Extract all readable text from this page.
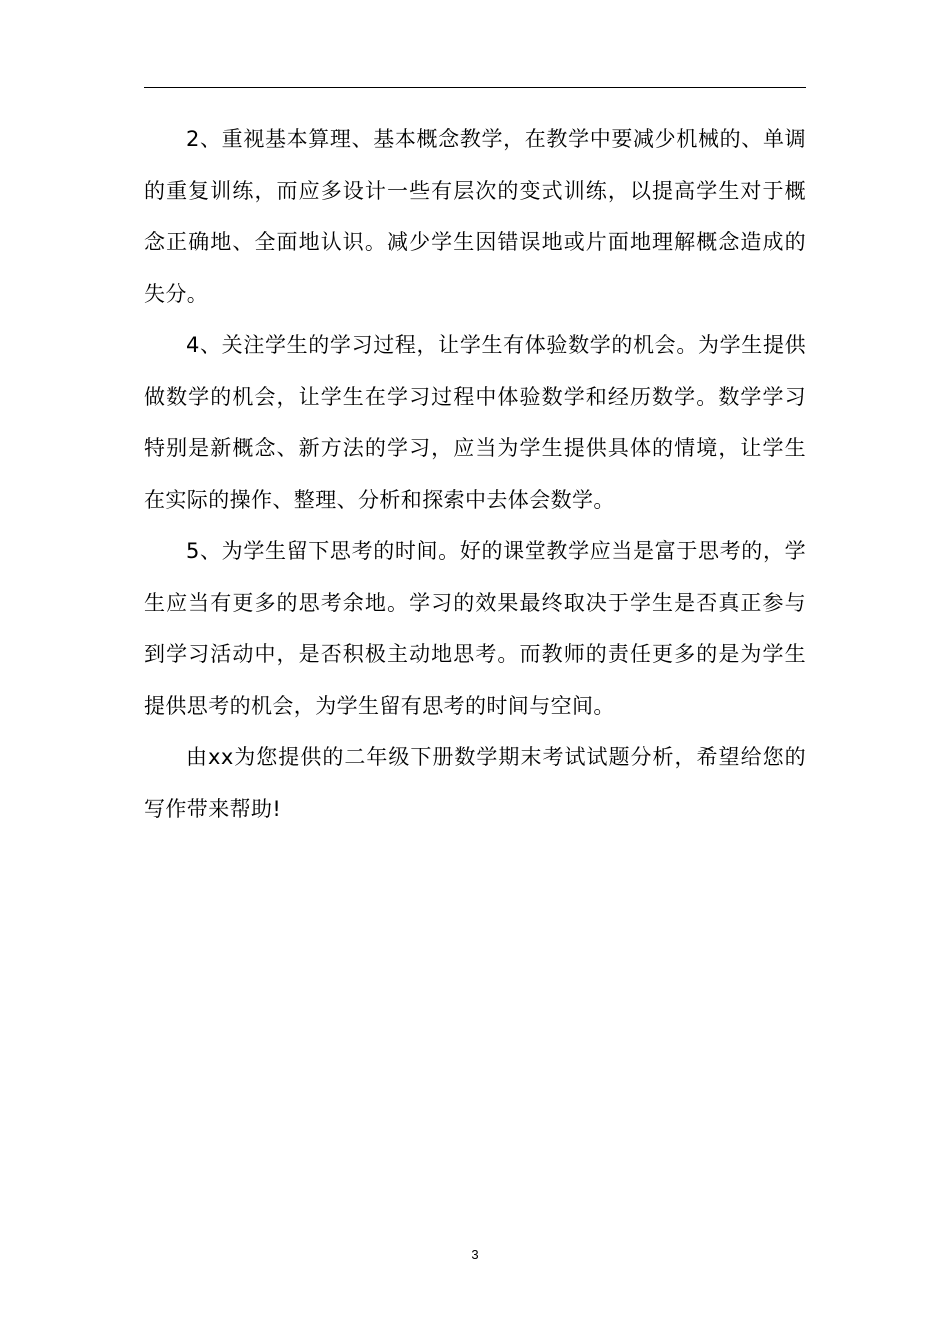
2、重视基本算理、基本概念教学，在教学中要减少机械的、单调的重复训练，而应多设计一些有层次的变式训练，以提高学生对于概念正确地、全面地认识。减少学生因错误地或片面地理解概念造成的失分。

4、关注学生的学习过程，让学生有体验数学的机会。为学生提供做数学的机会，让学生在学习过程中体验数学和经历数学。数学学习特别是新概念、新方法的学习，应当为学生提供具体的情境，让学生在实际的操作、整理、分析和探索中去体会数学。

5、为学生留下思考的时间。好的课堂教学应当是富于思考的，学生应当有更多的思考余地。学习的效果最终取决于学生是否真正参与到学习活动中，是否积极主动地思考。而教师的责任更多的是为学生提供思考的机会，为学生留有思考的时间与空间。

由xx为您提供的二年级下册数学期末考试试题分析，希望给您的写作带来帮助!

3
